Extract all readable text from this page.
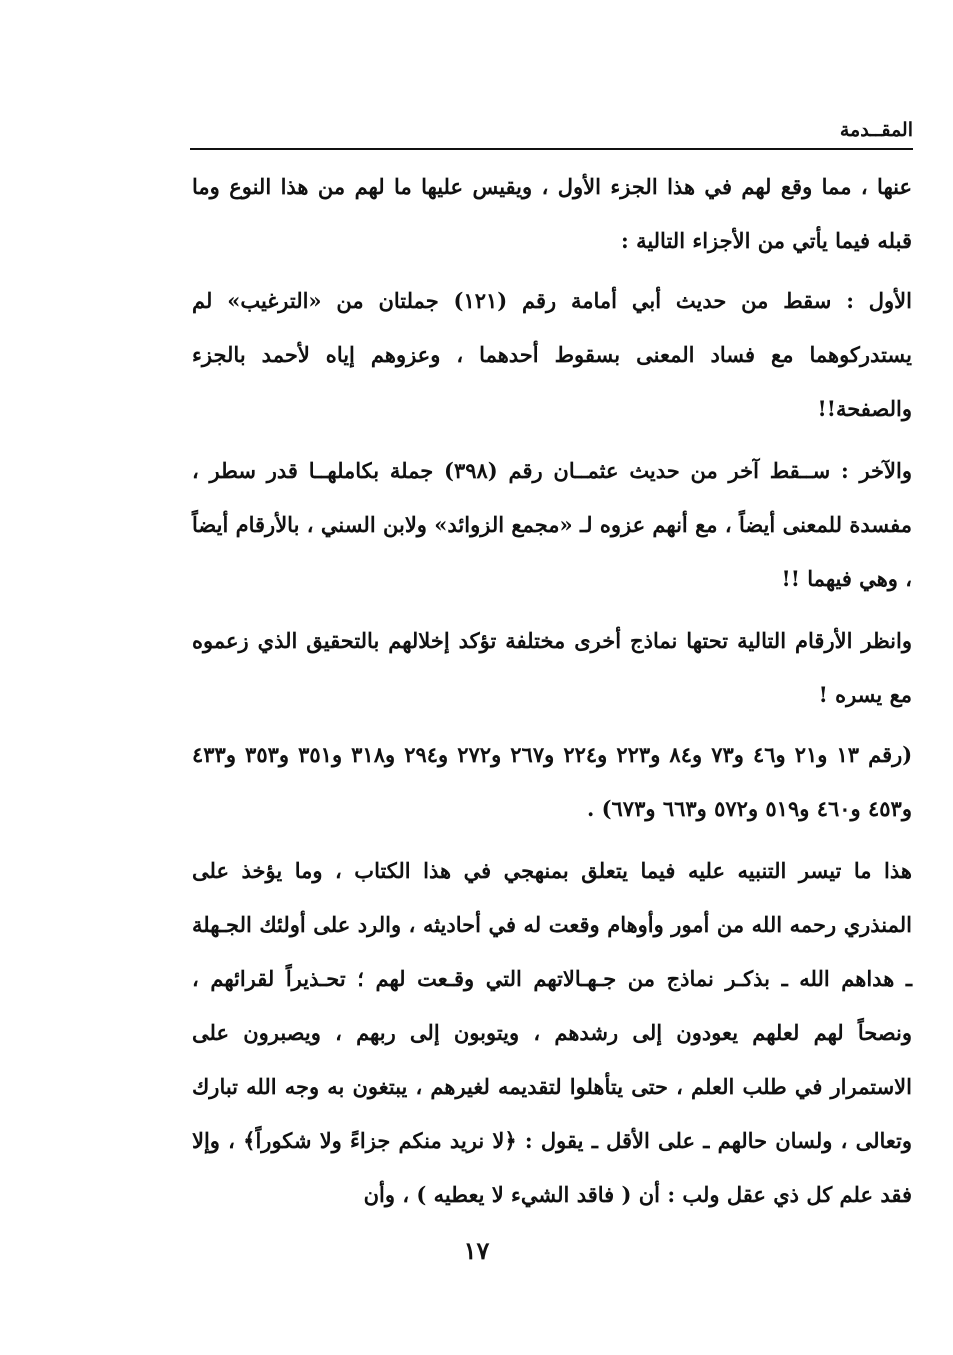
المقــدمة

عنها ، مما وقع لهم في هذا الجزء الأول ، ويقيس عليها ما لهم من هذا النوع وما قبله فيما يأتي من الأجزاء التالية :

الأول : سقط من حديث أبي أمامة رقم (١٢١) جملتان من «الترغيب» لم يستدركوهما مع فساد المعنى بسقوط أحدهما ، وعزوهم إياه لأحمد بالجزء والصفحة!!

والآخر : ســقط آخر من حديث عثمــان رقم (٣٩٨) جملة بكاملهــا قدر سطر ، مفسدة للمعنى أيضاً ، مع أنهم عزوه لـ «مجمع الزوائد» ولابن السني ، بالأرقام أيضاً ، وهي فيهما !!

وانظر الأرقام التالية تحتها نماذج أخرى مختلفة تؤكد إخلالهم بالتحقيق الذي زعموه مع يسره !

(رقم ١٣ و٢١ و٤٦ و٧٣ و٨٤ و٢٢٣ و٢٢٤ و٢٦٧ و٢٧٢ و٢٩٤ و٣١٨ و٣٥١ و٣٥٣ و٤٣٣ و٤٥٣ و٤٦٠ و٥١٩ و٥٧٢ و٦٦٣ و٦٧٣) .

هذا ما تيسر التنبيه عليه فيما يتعلق بمنهجي في هذا الكتاب ، وما يؤخذ على المنذري رحمه الله من أمور وأوهام وقعت له في أحاديثه ، والرد على أولئك الجـهلة ـ هداهم الله ـ بذكـر نماذج من جـهـالاتهم التي وقـعت لهم ؛ تحـذيراً لقرائهم ، ونصحاً لهم لعلهم يعودون إلى رشدهم ، ويتوبون إلى ربهم ، ويصبرون على الاستمرار في طلب العلم ، حتى يتأهلوا لتقديمه لغيرهم ، يبتغون به وجه الله تبارك وتعالى ، ولسان حالهم ـ على الأقل ـ يقول : ﴿لا نريد منكم جزاءً ولا شكوراً﴾ ، وإلا فقد علم كل ذي عقل ولب : أن ( فاقد الشيء لا يعطيه ) ، وأن

١٧
